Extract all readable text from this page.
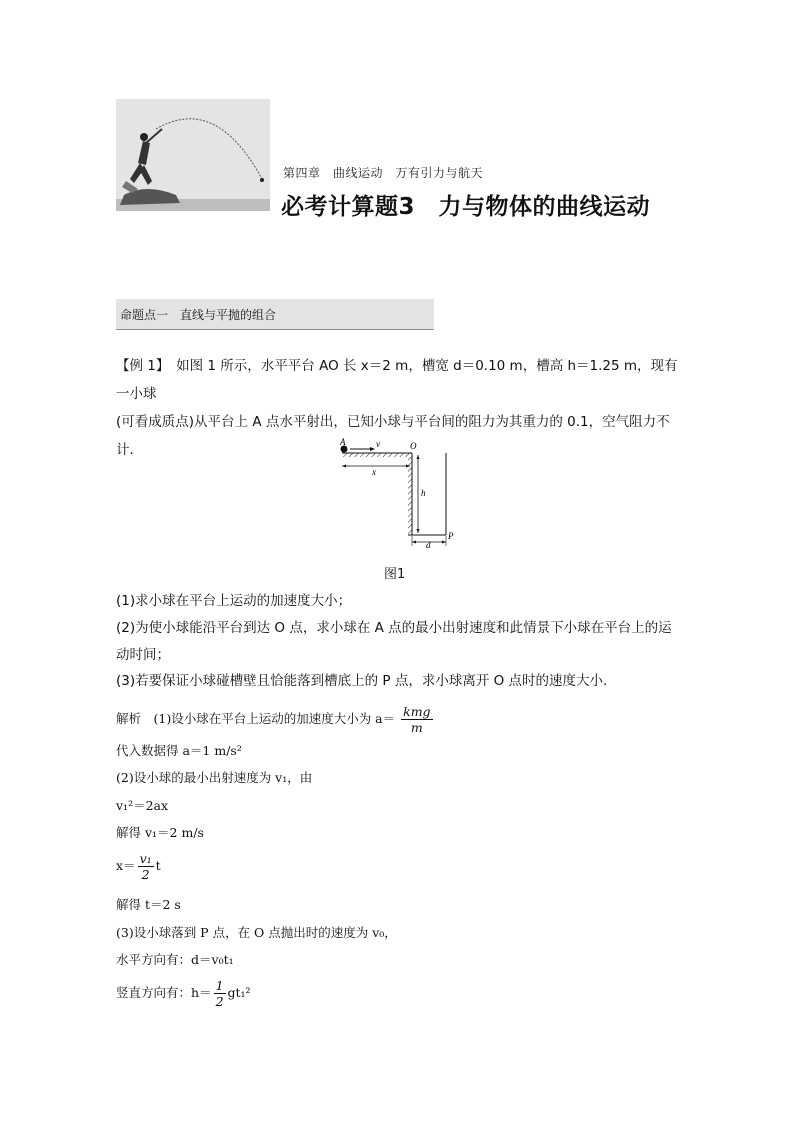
第四章　曲线运动　万有引力与航天
必考计算题3　力与物体的曲线运动
命题点一　直线与平抛的组合

【例 1】　如图 1 所示，水平平台 AO 长 x＝2 m，槽宽 d＝0.10 m，槽高 h＝1.25 m，现有一小球

(可看成质点)从平台上 A 点水平射出，已知小球与平台间的阻力为其重力的 0.1，空气阻力不

计．	A	v	O
x
h
P
d
图1
(1)求小球在平台上运动的加速度大小；
(2)为使小球能沿平台到达 O 点，求小球在 A 点的最小出射速度和此情景下小球在平台上的运
动时间；
(3)若要保证小球碰槽壁且恰能落到槽底上的 P 点，求小球离开 O 点时的速度大小．
解析　(1)设小球在平台上运动的加速度大小为 $a= \frac{\text{kmg}}{m}$
代入数据得 a＝1 m/s²
(2)设小球的最小出射速度为 v₁，由
v₁²＝2ax
解得 v₁＝2 m/s
$x= \frac{\text{v₁}}{2}$ t
解得 t＝2 s
(3)设小球落到 P 点，在 O 点抛出时的速度为 v₀，
水平方向有：d＝v₀t₁
竖直方向有：$h= \frac{1}{2} gt_1^2$
